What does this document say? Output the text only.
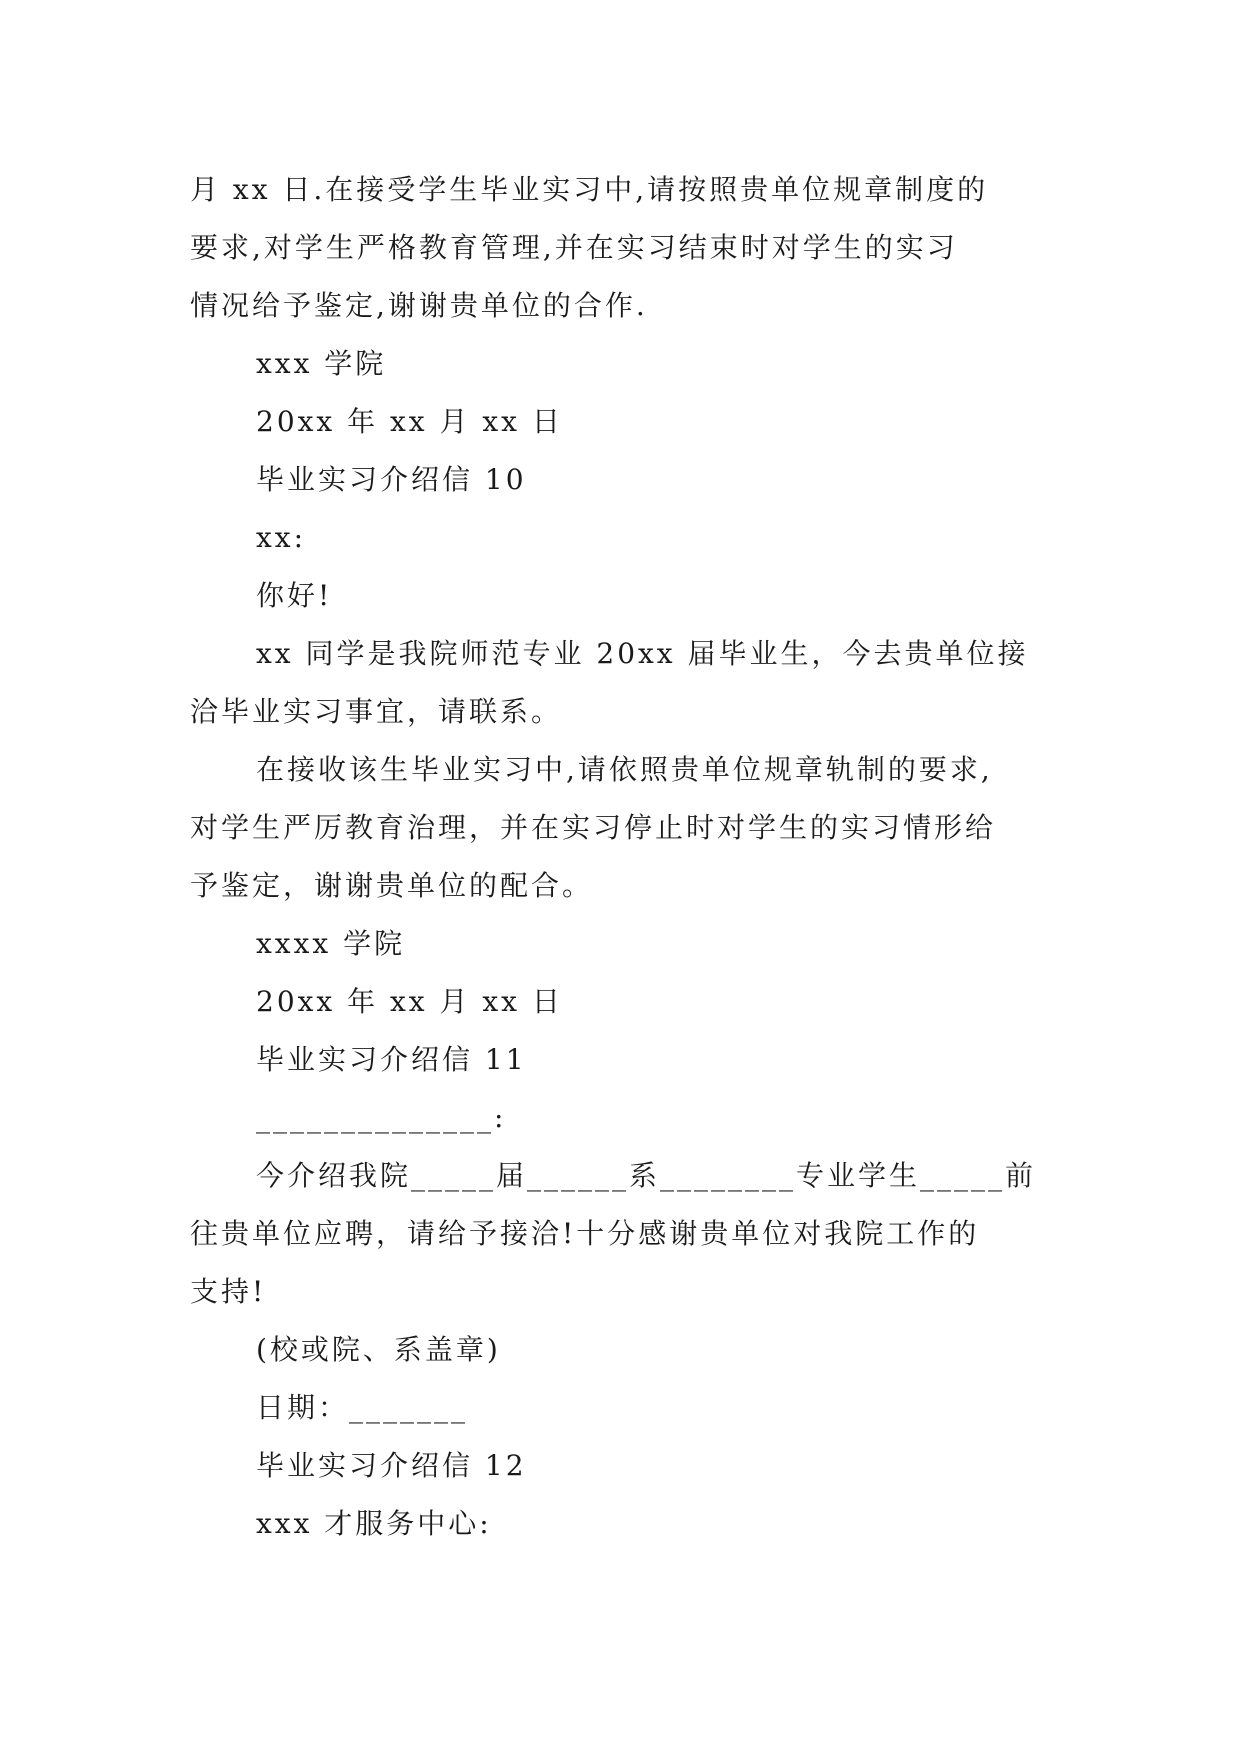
月 xx 日.在接受学生毕业实习中,请按照贵单位规章制度的
要求,对学生严格教育管理,并在实习结束时对学生的实习
情况给予鉴定,谢谢贵单位的合作.
xxx 学院
20xx 年 xx 月 xx 日
毕业实习介绍信 10
xx:
你好!
xx 同学是我院师范专业 20xx 届毕业生，今去贵单位接
洽毕业实习事宜，请联系。
在接收该生毕业实习中,请依照贵单位规章轨制的要求,
对学生严厉教育治理，并在实习停止时对学生的实习情形给
予鉴定，谢谢贵单位的配合。
xxxx 学院
20xx 年 xx 月 xx 日
毕业实习介绍信 11
______________:
今介绍我院_____届______系________专业学生_____前
往贵单位应聘，请给予接洽!十分感谢贵单位对我院工作的
支持!
(校或院、系盖章)
日期：_______
毕业实习介绍信 12
xxx 才服务中心:
